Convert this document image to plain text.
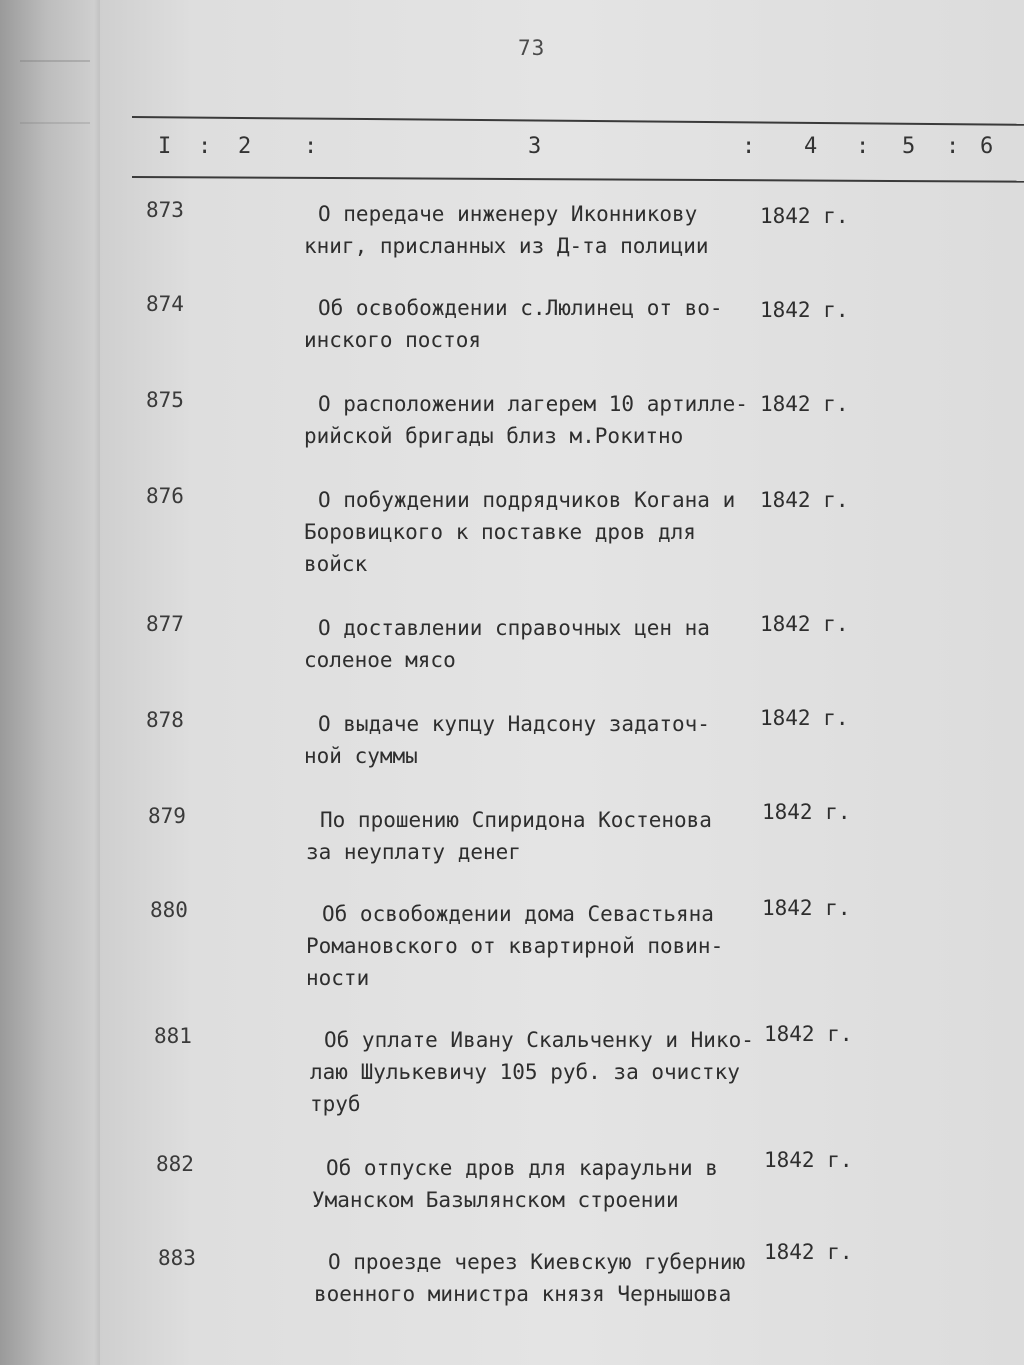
73
I : 2 :	3	: 4 : 5 : 6
873	О передаче инженеру Иконникову
книг, присланных из Д-та полиции
1842 г.
874	Об освобождении с.Люлинец от во-
инского постоя
1842 г.
875	О расположении лагерем 10 артилле-
рийской бригады близ м.Рокитно
1842 г.
876	О побуждении подрядчиков Когана и
Боровицкого к поставке дров для
войск
1842 г.
877	О доставлении справочных цен на
соленое мясо
1842 г.
878	О выдаче купцу Надсону задаточ-
ной суммы
1842 г.
879	По прошению Спиридона Костенова
за неуплату денег
1842 г.
880	Об освобождении дома Севастьяна
Романовского от квартирной повин-
ности
1842 г.
881	Об уплате Ивану Скальченку и Нико-
лаю Шулькевичу 105 руб. за очистку
труб
1842 г.
882	Об отпуске дров для караульни в
Уманском Базылянском строении
1842 г.
883	О проезде через Киевскую губернию
военного министра князя Чернышова
1842 г.
